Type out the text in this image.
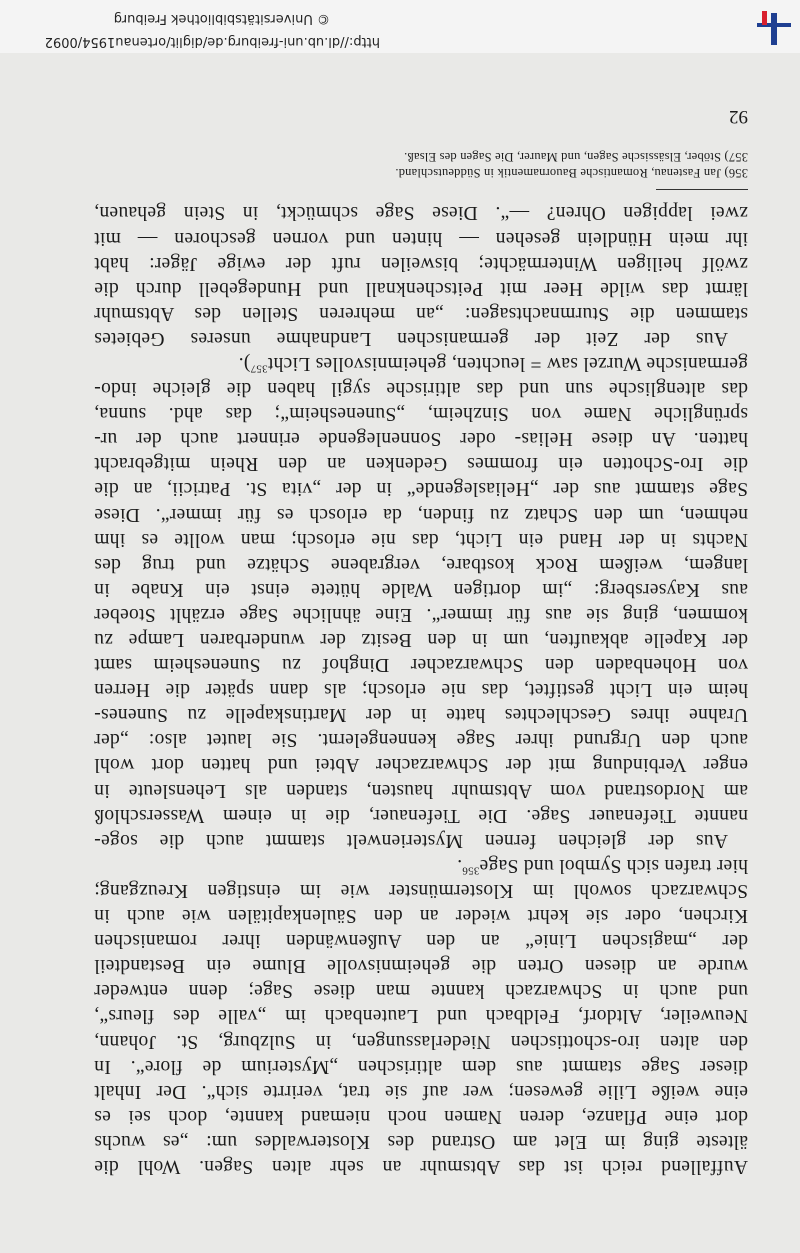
Auffallend reich ist das Abtsmuhr an sehr alten Sagen. Wohl die

älteste ging im Elet am Ostrand des Klosterwaldes um: „es wuchs

dort eine Pflanze, deren Namen noch niemand kannte, doch sei es

eine weiße Lilie gewesen; wer auf sie trat, verirrte sich“. Der Inhalt

dieser Sage stammt aus dem altirischen „Mysterium de flore“. In

den alten iro-schottischen Niederlassungen, in Sulzburg, St. Johann,

Neuweiler, Altdorf, Feldbach und Lautenbach im „valle des fleurs“,

und auch in Schwarzach kannte man diese Sage; denn entweder

wurde an diesen Orten die geheimnisvolle Blume ein Bestandteil

der „magischen Linie“ an den Außenwänden ihrer romanischen

Kirchen, oder sie kehrt wieder an den Säulenkapitälen wie auch in

Schwarzach sowohl im Klostermünster wie im einstigen Kreuzgang;

hier trafen sich Symbol und Sage$^{356}$.

Aus der gleichen fernen Mysterienwelt stammt auch die soge-

nannte Tiefenauer Sage. Die Tiefenauer, die in einem Wasserschloß

am Nordostrand vom Abtsmuhr hausten, standen als Lehensleute in

enger Verbindung mit der Schwarzacher Abtei und hatten dort wohl

auch den Urgrund ihrer Sage kennengelernt. Sie lautet also: „der

Urahne ihres Geschlechtes hatte in der Martinskapelle zu Sunenes-

heim ein Licht gestiftet, das nie erlosch; als dann später die Herren

von Hohenbaden den Schwarzacher Dinghof zu Sunenesheim samt

der Kapelle abkauften, um in den Besitz der wunderbaren Lampe zu

kommen, ging sie aus für immer“. Eine ähnliche Sage erzählt Stoeber

aus Kaysersberg: „im dortigen Walde hütete einst ein Knabe in

langem, weißem Rock kostbare, vergrabene Schätze und trug des

Nachts in der Hand ein Licht, das nie erlosch; man wollte es ihm

nehmen, um den Schatz zu finden, da erlosch es für immer“. Diese

Sage stammt aus der „Heliaslegende“ in der „vita St. Patricii, an die

die Iro-Schotten ein frommes Gedenken an den Rhein mitgebracht

hatten. An diese Helias- oder Sonnenlegende erinnert auch der ur-

sprüngliche Name von Sinzheim, „Sunenesheim“; das ahd. sunna,

das altenglische sun und das altirische sygil haben die gleiche indo-

germanische Wurzel saw = leuchten, geheimnisvolles Licht$^{357}$).

Aus der Zeit der germanischen Landnahme unseres Gebietes

stammen die Sturmnachtsagen: „an mehreren Stellen des Abtsmuhr

lärmt das wilde Heer mit Peitschenknall und Hundegebell durch die

zwölf heiligen Wintermächte; bisweilen ruft der ewige Jäger: habt

ihr mein Hündlein gesehen — hinten und vornen geschoren — mit

zwei lappigen Ohren? —“. Diese Sage schmückt, in Stein gehauen,

356) Jan Fastenau, Romantische Bauornamentik in Süddeutschland.
357) Stöber, Elsässische Sagen, und Maurer, Die Sagen des Elsaß.
92
http://dl.ub.uni-freiburg.de/diglit/ortenau1954/0092
© Universitätsbibliothek Freiburg
